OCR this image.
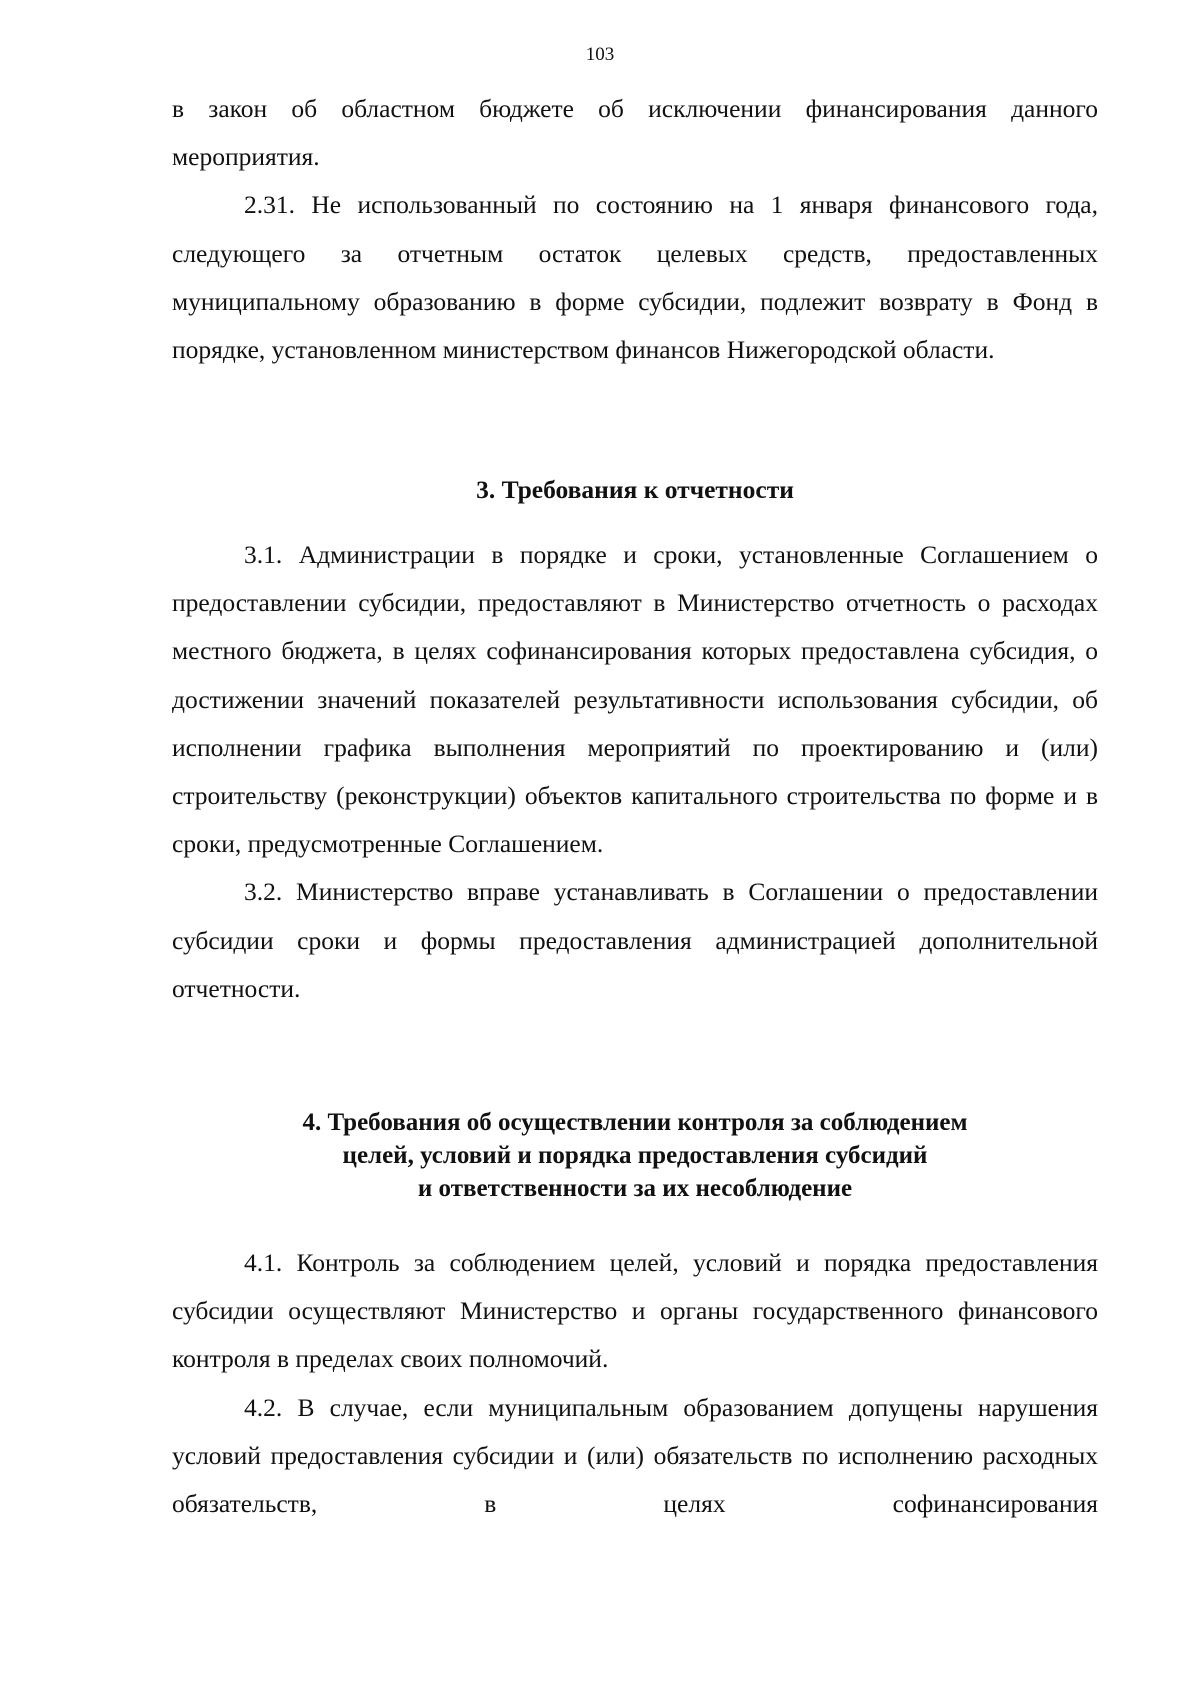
103

в закон об областном бюджете об исключении финансирования данного мероприятия.

2.31. Не использованный по состоянию на 1 января финансового года, следующего за отчетным остаток целевых средств, предоставленных муниципальному образованию в форме субсидии, подлежит возврату в Фонд в порядке, установленном министерством финансов Нижегородской области.

3. Требования к отчетности

3.1. Администрации в порядке и сроки, установленные Соглашением о предоставлении субсидии, предоставляют в Министерство отчетность о расходах местного бюджета, в целях софинансирования которых предоставлена субсидия, о достижении значений показателей результативности использования субсидии, об исполнении графика выполнения мероприятий по проектированию и (или) строительству (реконструкции) объектов капитального строительства по форме и в сроки, предусмотренные Соглашением.

3.2. Министерство вправе устанавливать в Соглашении о предоставлении субсидии сроки и формы предоставления администрацией дополнительной отчетности.

4. Требования об осуществлении контроля за соблюдением
целей, условий и порядка предоставления субсидий
и ответственности за их несоблюдение

4.1. Контроль за соблюдением целей, условий и порядка предоставления субсидии осуществляют Министерство и органы государственного финансового контроля в пределах своих полномочий.

4.2. В случае, если муниципальным образованием допущены нарушения условий предоставления субсидии и (или) обязательств по исполнению расходных обязательств, в целях софинансирования
